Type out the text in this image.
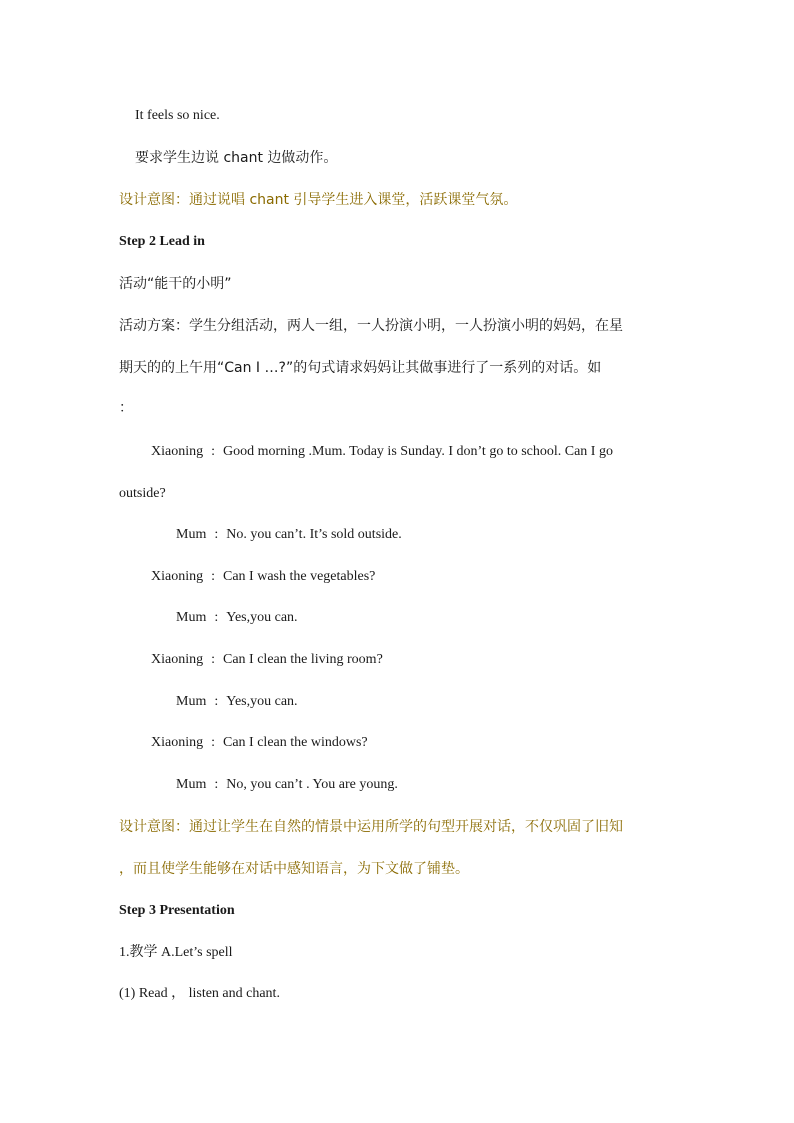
It feels so nice.
要求学生边说 chant 边做动作。
设计意图：通过说唱 chant 引导学生进入课堂，活跃课堂气氛。
Step 2 Lead in
活动“能干的小明”
活动方案：学生分组活动，两人一组，一人扮演小明，一人扮演小明的妈妈，在星
期天的的上午用“Can I …?”的句式请求妈妈让其做事进行了一系列的对话。如
：
Xiaoning : Good morning .Mum. Today is Sunday. I don’t go to school. Can I go
outside?
Mum : No. you can’t. It’s sold outside.
Xiaoning : Can I wash the vegetables?
Mum : Yes,you can.
Xiaoning : Can I clean the living room?
Mum : Yes,you can.
Xiaoning : Can I clean the windows?
Mum : No, you can’t . You are young.
设计意图：通过让学生在自然的情景中运用所学的句型开展对话，不仅巩固了旧知
，而且使学生能够在对话中感知语言，为下文做了铺垫。
Step 3 Presentation
1.教学 A.Let’s spell
(1) Read ， listen and chant.
